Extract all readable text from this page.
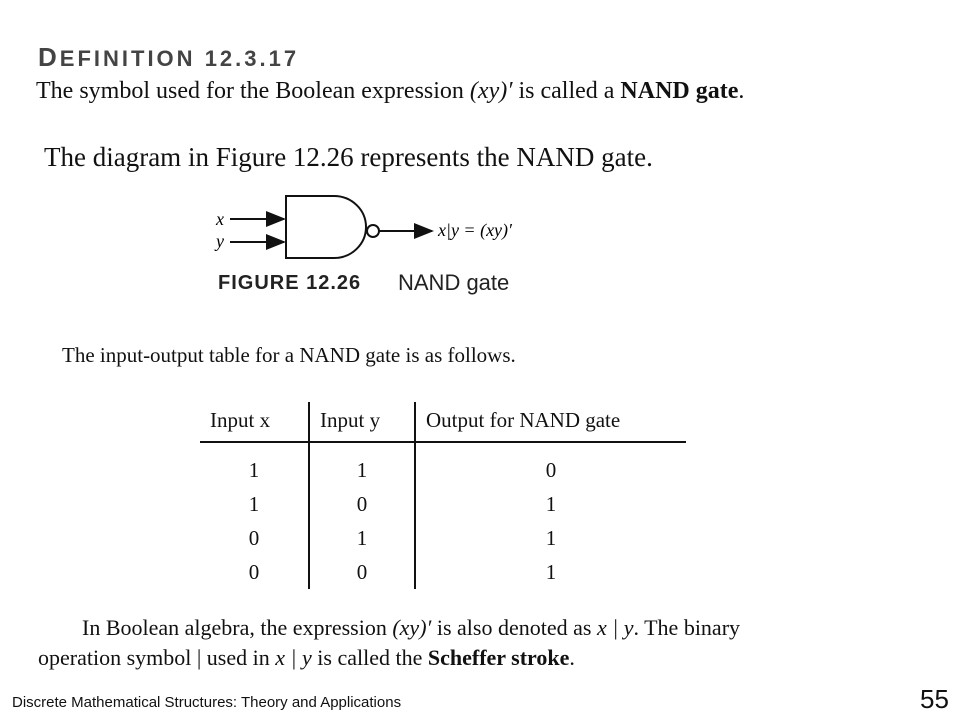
DEFINITION 12.3.17
The symbol used for the Boolean expression (xy)′ is called a NAND gate.
The diagram in Figure 12.26 represents the NAND gate.
x
y
x|y = (xy)′
FIGURE 12.26 NAND gate
The input-output table for a NAND gate is as follows.
Input x	Input y	Output for NAND gate
1	1	0
1	0	1
0	1	1
0	0	1
In Boolean algebra, the expression (xy)′ is also denoted as x | y. The binary
operation symbol | used in x | y is called the Scheffer stroke.
Discrete Mathematical Structures: Theory and Applications	55
